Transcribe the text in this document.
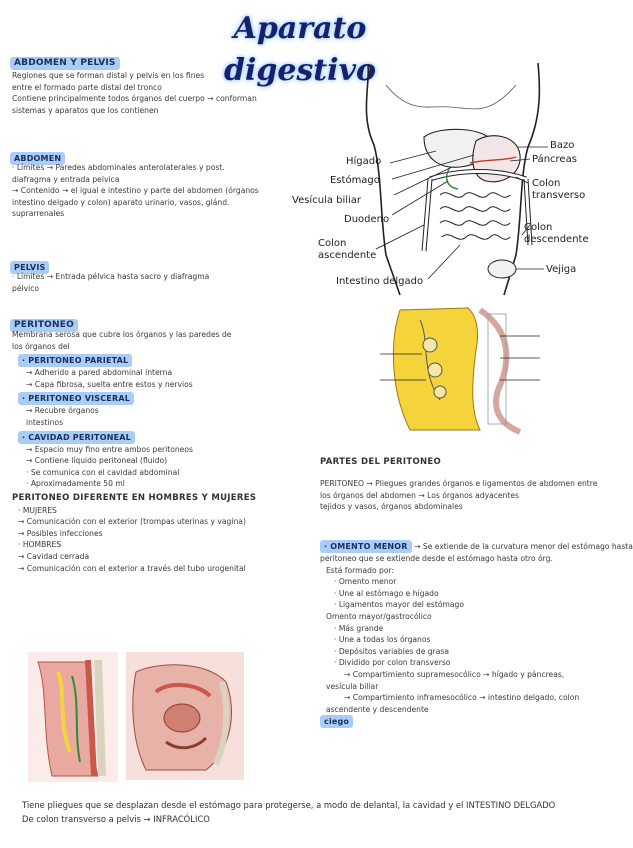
Aparato digestivo
ABDOMEN Y PELVIS

Regiones que se forman distal y pelvis en los fines

entre el formado parte distal del tronco

Contiene principalmente todos órganos del cuerpo → conforman

sistemas y aparatos que los contienen

ABDOMEN

· Límites → Paredes abdominales anterolaterales y post.

diafragma y entrada pelvica

→ Contenido → el igual e intestino y parte del abdomen (órganos

intestino delgado y colon) aparato urinario, vasos, glánd.

suprarrenales

PELVIS

· Límites → Entrada pélvica hasta sacro y diafragma

pélvico

PERITONEO

Membrana serosa que cubre los órganos y las paredes de

los órganos del

· PERITONEO PARIETAL

→ Adherido a pared abdominal interna

→ Capa fibrosa, suelta entre estos y nervios

· PERITONEO VISCERAL

→ Recubre órganos

intestinos

· CAVIDAD PERITONEAL

→ Espacio muy fino entre ambos peritoneos

→ Contiene líquido peritoneal (fluido)

· Se comunica con el cavidad abdominal

· Aproximadamente 50 ml

PERITONEO DIFERENTE EN HOMBRES Y MUJERES

· MUJERES

→ Comunicación con el exterior (trompas uterinas y vagina)

→ Posibles infecciones

· HOMBRES

→ Cavidad cerrada

→ Comunicación con el exterior a través del tubo urogenital

Bazo
Páncreas
Colon transverso
Colon descendente
Vejiga
Hígado
Estómago
Vesícula biliar
Duodeno
Colon ascendente
Intestino delgado
PARTES DEL PERITONEO

PERITONEO → Pliegues grandes órganos e ligamentos de abdomen entre

los órganos del abdomen → Los órganos adyacentes

tejidos y vasos, órganos abdominales

· OMENTO MENOR → Se extiende de la curvatura menor del estómago hasta

peritoneo que se extiende desde el estómago hasta otro órg.

Está formado por:

· Omento menor

· Une al estómago e hígado

· Ligamentos mayor del estómago

Omento mayor/gastrocólico

· Más grande

· Une a todas los órganos

· Depósitos variables de grasa

· Dividido por colon transverso

→ Compartimiento supramesocólico → hígado y páncreas,

vesícula biliar

→ Compartimiento inframesocólico → intestino delgado, colon

ascendente y descendente

ciego

Tiene pliegues que se desplazan desde el estómago para protegerse, a modo de delantal, la cavidad y el INTESTINO DELGADO

De colon transverso a pelvis → INFRACÓLICO
